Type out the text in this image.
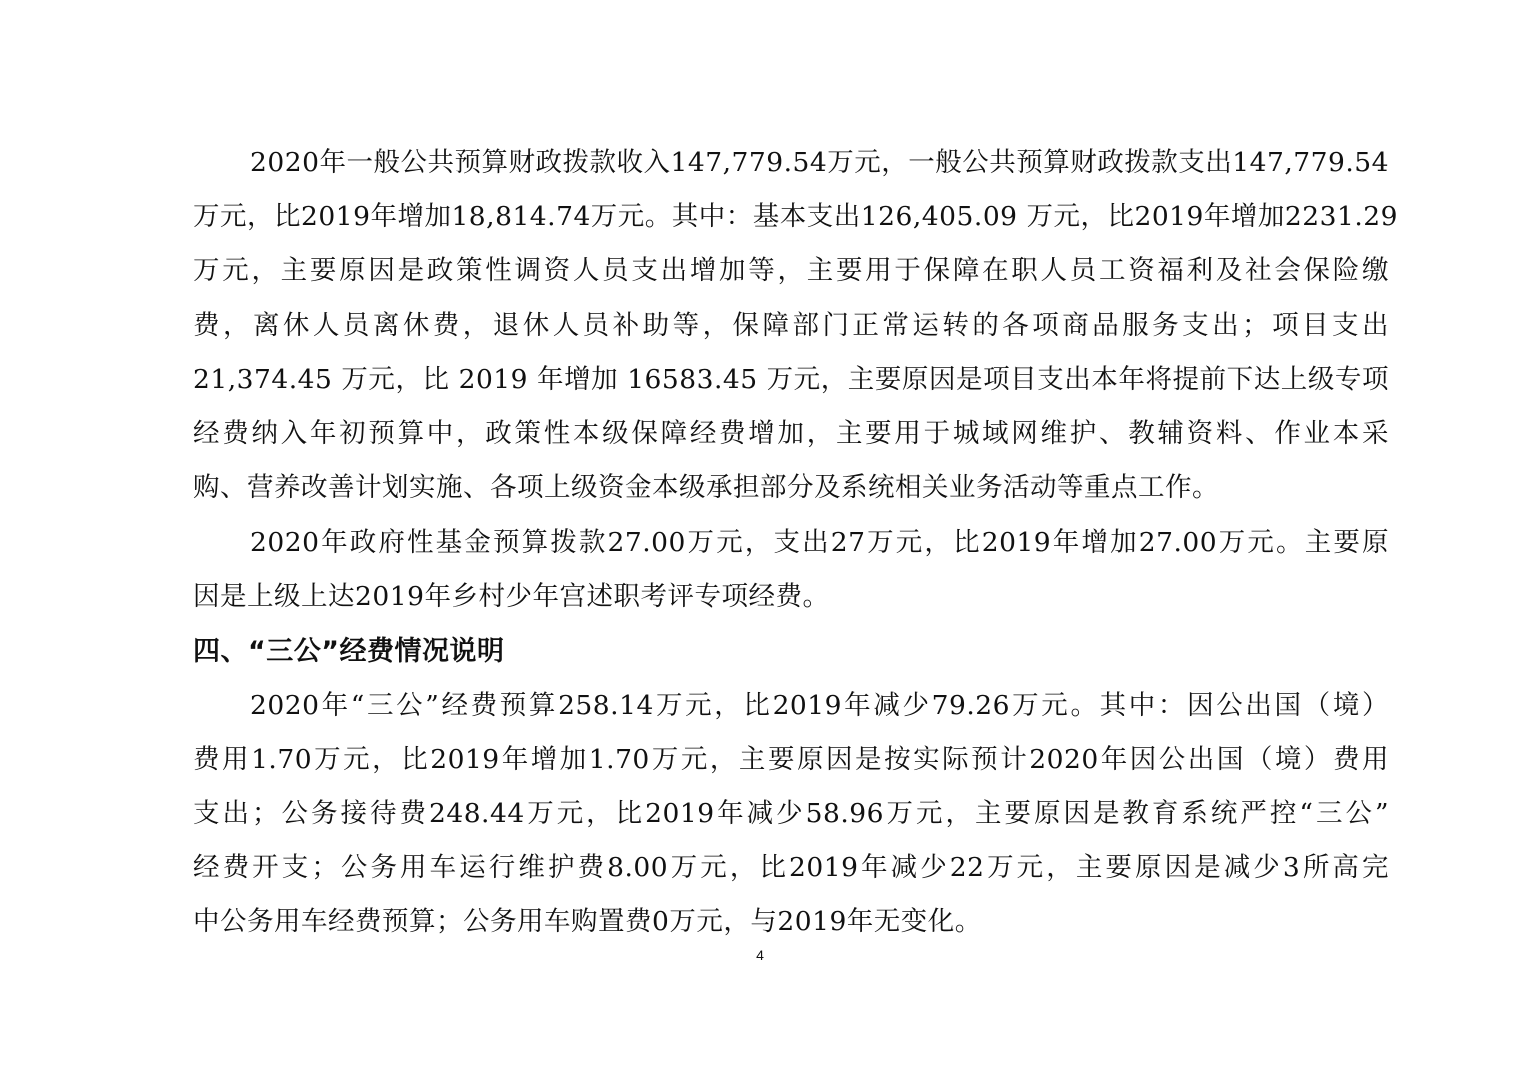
2020年一般公共预算财政拨款收入147,779.54万元，一般公共预算财政拨款支出147,779.54
万元，比2019年增加18,814.74万元。其中：基本支出126,405.09 万元，比2019年增加2231.29
万元，主要原因是政策性调资人员支出增加等，主要用于保障在职人员工资福利及社会保险缴
费，离休人员离休费，退休人员补助等，保障部门正常运转的各项商品服务支出；项目支出
21,374.45 万元，比 2019 年增加 16583.45 万元，主要原因是项目支出本年将提前下达上级专项
经费纳入年初预算中，政策性本级保障经费增加，主要用于城域网维护、教辅资料、作业本采
购、营养改善计划实施、各项上级资金本级承担部分及系统相关业务活动等重点工作。
2020年政府性基金预算拨款27.00万元，支出27万元，比2019年增加27.00万元。主要原
因是上级上达2019年乡村少年宫述职考评专项经费。
四、“三公”经费情况说明
2020年“三公”经费预算258.14万元，比2019年减少79.26万元。其中：因公出国（境）
费用1.70万元，比2019年增加1.70万元，主要原因是按实际预计2020年因公出国（境）费用
支出；公务接待费248.44万元，比2019年减少58.96万元，主要原因是教育系统严控“三公”
经费开支；公务用车运行维护费8.00万元，比2019年减少22万元，主要原因是减少3所高完
中公务用车经费预算；公务用车购置费0万元，与2019年无变化。
4
